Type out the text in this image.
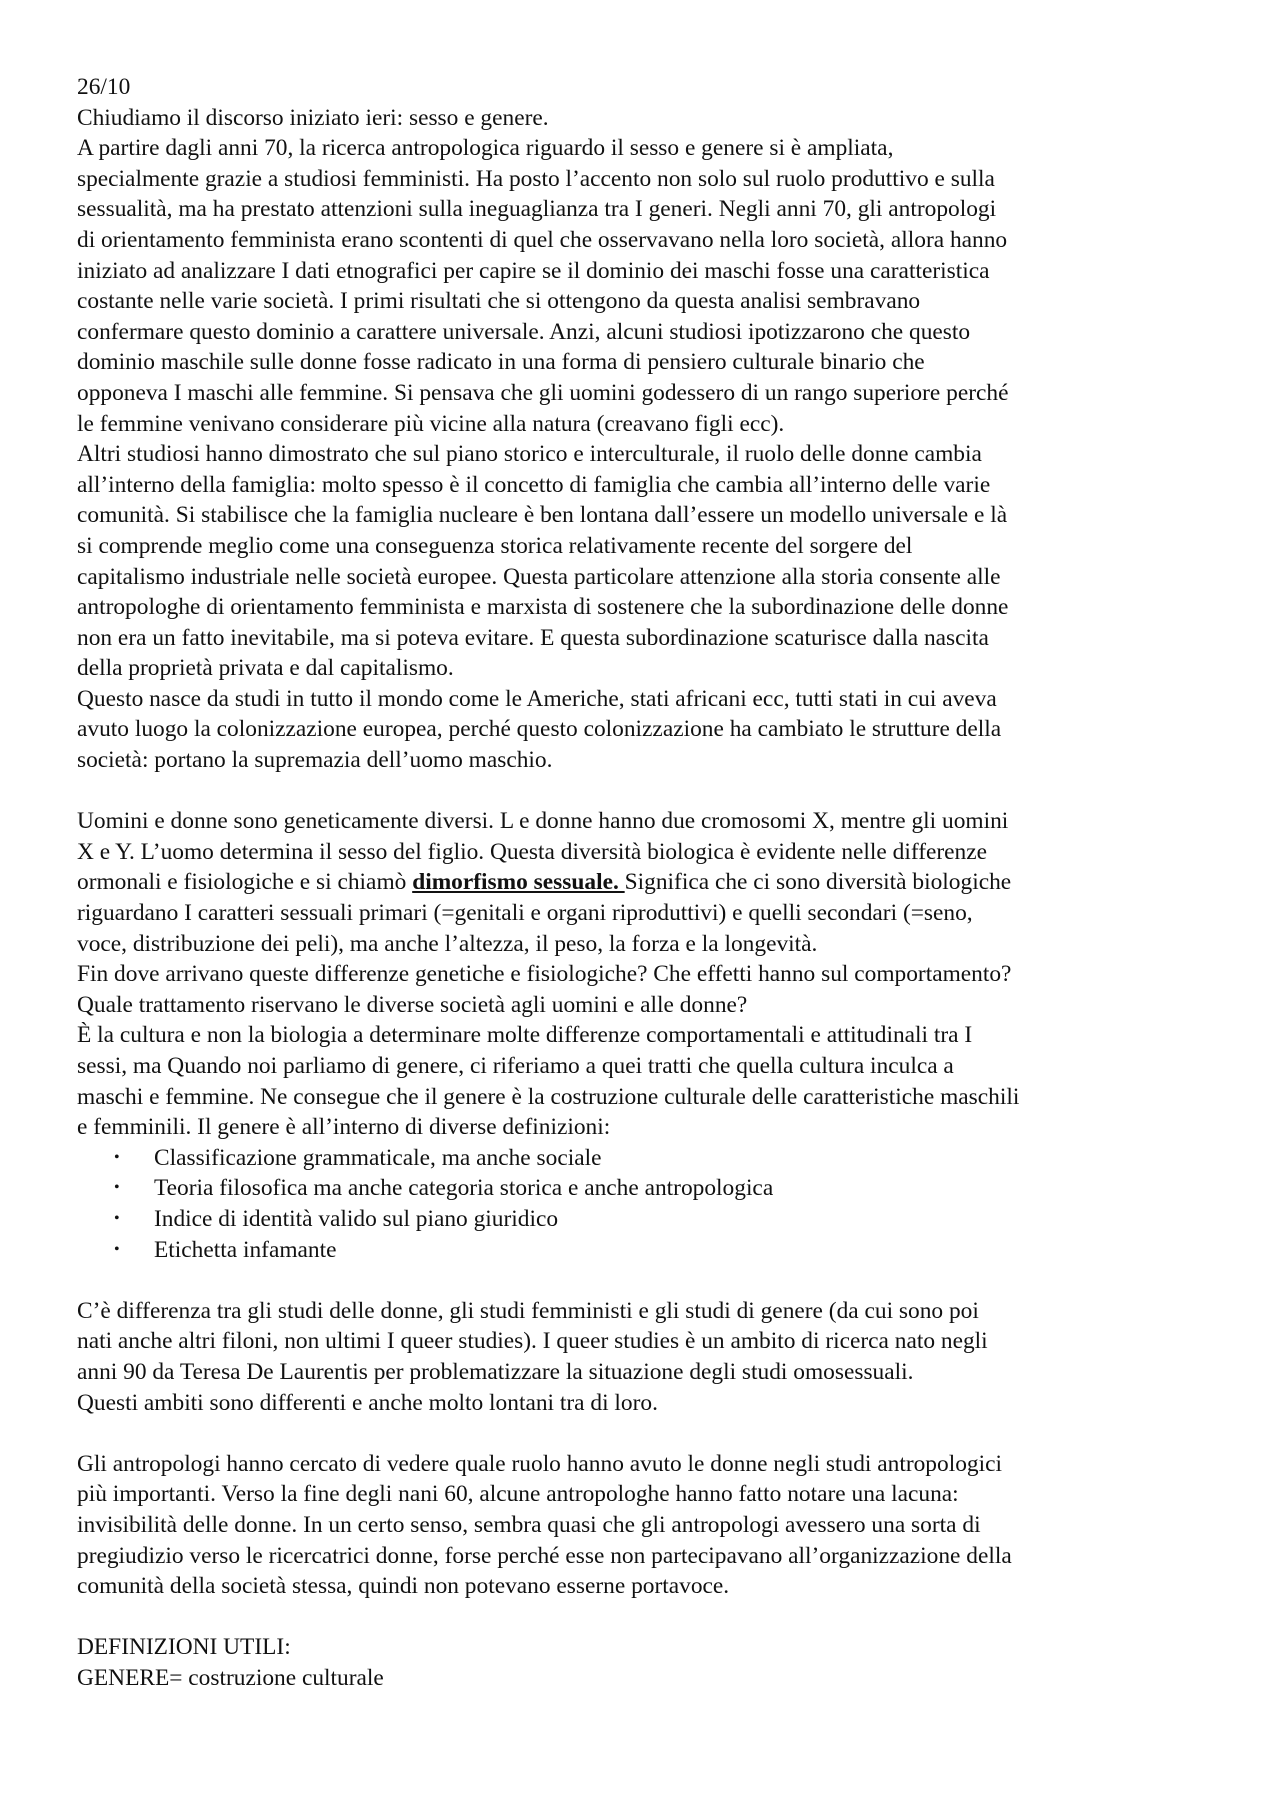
26/10
Chiudiamo il discorso iniziato ieri: sesso e genere.
A partire dagli anni 70, la ricerca antropologica riguardo il sesso e genere si è ampliata,
specialmente grazie a studiosi femministi. Ha posto l’accento non solo sul ruolo produttivo e sulla
sessualità, ma ha prestato attenzioni sulla ineguaglianza tra I generi. Negli anni 70, gli antropologi
di orientamento femminista erano scontenti di quel che osservavano nella loro società, allora hanno
iniziato ad analizzare I dati etnografici per capire se il dominio dei maschi fosse una caratteristica
costante nelle varie società. I primi risultati che si ottengono da questa analisi sembravano
confermare questo dominio a carattere universale. Anzi, alcuni studiosi ipotizzarono che questo
dominio maschile sulle donne fosse radicato in una forma di pensiero culturale binario che
opponeva I maschi alle femmine. Si pensava che gli uomini godessero di un rango superiore perché
le femmine venivano considerare più vicine alla natura (creavano figli ecc).
Altri studiosi hanno dimostrato che sul piano storico e interculturale, il ruolo delle donne cambia
all’interno della famiglia: molto spesso è il concetto di famiglia che cambia all’interno delle varie
comunità. Si stabilisce che la famiglia nucleare è ben lontana dall’essere un modello universale e là
si comprende meglio come una conseguenza storica relativamente recente del sorgere del
capitalismo industriale nelle società europee. Questa particolare attenzione alla storia consente alle
antropologhe di orientamento femminista e marxista di sostenere che la subordinazione delle donne
non era un fatto inevitabile, ma si poteva evitare. E questa subordinazione scaturisce dalla nascita
della proprietà privata e dal capitalismo.
Questo nasce da studi in tutto il mondo come le Americhe, stati africani ecc, tutti stati in cui aveva
avuto luogo la colonizzazione europea, perché questo colonizzazione ha cambiato le strutture della
società: portano la supremazia dell’uomo maschio.
Uomini e donne sono geneticamente diversi. L e donne hanno due cromosomi X, mentre gli uomini
X e Y. L’uomo determina il sesso del figlio. Questa diversità biologica è evidente nelle differenze
ormonali e fisiologiche e si chiamò dimorfismo sessuale. Significa che ci sono diversità biologiche
riguardano I caratteri sessuali primari (=genitali e organi riproduttivi) e quelli secondari (=seno,
voce, distribuzione dei peli), ma anche l’altezza, il peso, la forza e la longevità.
Fin dove arrivano queste differenze genetiche e fisiologiche? Che effetti hanno sul comportamento?
Quale trattamento riservano le diverse società agli uomini e alle donne?
È la cultura e non la biologia a determinare molte differenze comportamentali e attitudinali tra I
sessi, ma Quando noi parliamo di genere, ci riferiamo a quei tratti che quella cultura inculca a
maschi e femmine. Ne consegue che il genere è la costruzione culturale delle caratteristiche maschili
e femminili. Il genere è all’interno di diverse definizioni:
• Classificazione grammaticale, ma anche sociale
• Teoria filosofica ma anche categoria storica e anche antropologica
• Indice di identità valido sul piano giuridico
• Etichetta infamante
C’è differenza tra gli studi delle donne, gli studi femministi e gli studi di genere (da cui sono poi
nati anche altri filoni, non ultimi I queer studies). I queer studies è un ambito di ricerca nato negli
anni 90 da Teresa De Laurentis per problematizzare la situazione degli studi omosessuali.
Questi ambiti sono differenti e anche molto lontani tra di loro.
Gli antropologi hanno cercato di vedere quale ruolo hanno avuto le donne negli studi antropologici
più importanti. Verso la fine degli nani 60, alcune antropologhe hanno fatto notare una lacuna:
invisibilità delle donne. In un certo senso, sembra quasi che gli antropologi avessero una sorta di
pregiudizio verso le ricercatrici donne, forse perché esse non partecipavano all’organizzazione della
comunità della società stessa, quindi non potevano esserne portavoce.
DEFINIZIONI UTILI:
GENERE= costruzione culturale
